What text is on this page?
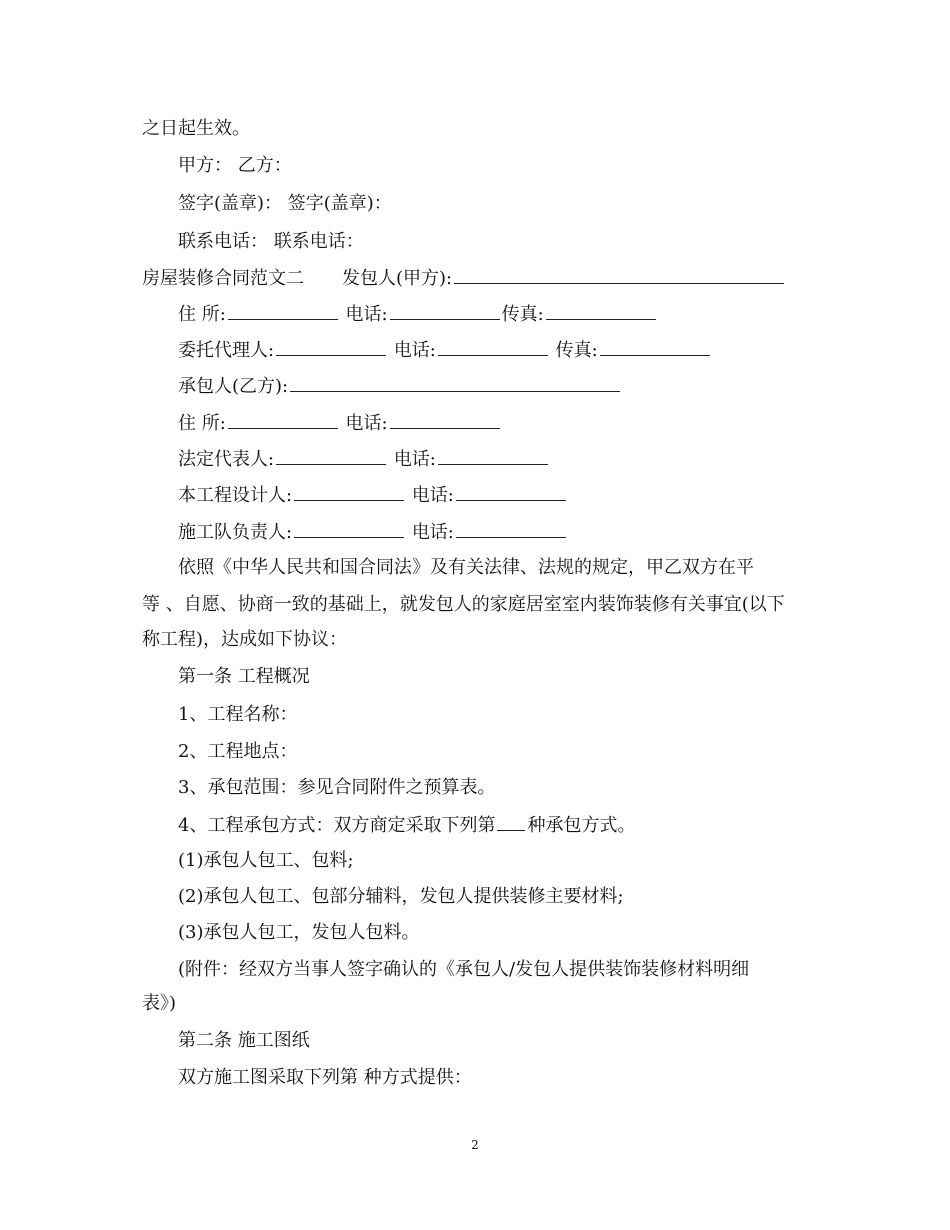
之日起生效。
甲方： 乙方：
签字(盖章)： 签字(盖章)：
联系电话： 联系电话：
房屋装修合同范文二 发包人(甲方):
住 所:	电话:	传真:
委托代理人:	电话:	传真:
承包人(乙方):
住 所:	电话:
法定代表人:	电话:
本工程设计人:	电话:
施工队负责人:	电话:
依照《中华人民共和国合同法》及有关法律、法规的规定，甲乙双方在平
等 、自愿、协商一致的基础上，就发包人的家庭居室室内装饰装修有关事宜(以下
称工程)，达成如下协议：
第一条 工程概况
1、工程名称：
2、工程地点：
3、承包范围：参见合同附件之预算表。
4、工程承包方式：双方商定采取下列第 种承包方式。
(1)承包人包工、包料;
(2)承包人包工、包部分辅料，发包人提供装修主要材料;
(3)承包人包工，发包人包料。
(附件：经双方当事人签字确认的《承包人/发包人提供装饰装修材料明细
表》)
第二条 施工图纸
双方施工图采取下列第 种方式提供：
2
